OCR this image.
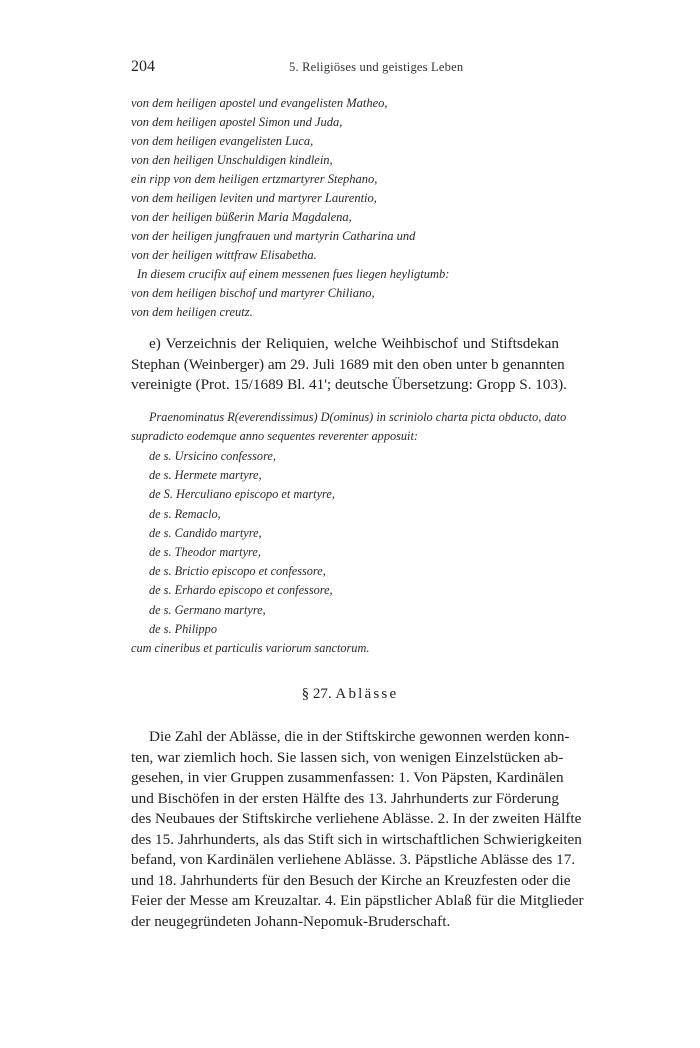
204	5. Religiöses und geistiges Leben
von dem heiligen apostel und evangelisten Matheo,
von dem heiligen apostel Simon und Juda,
von dem heiligen evangelisten Luca,
von den heiligen Unschuldigen kindlein,
ein ripp von dem heiligen ertzmartyrer Stephano,
von dem heiligen leviten und martyrer Laurentio,
von der heiligen büßerin Maria Magdalena,
von der heiligen jungfrauen und martyrin Catharina und
von der heiligen wittfraw Elisabetha.
In diesem crucifix auf einem messenen fues liegen heyligtumb:
von dem heiligen bischof und martyrer Chiliano,
von dem heiligen creutz.
e) Verzeichnis der Reliquien, welche Weihbischof und Stiftsdekan
Stephan (Weinberger) am 29. Juli 1689 mit den oben unter b genannten
vereinigte (Prot. 15/1689 Bl. 41'; deutsche Übersetzung: Gropp S. 103).
Praenominatus R(everendissimus) D(ominus) in scriniolo charta picta obducto, dato
supradicto eodemque anno sequentes reverenter apposuit:
de s. Ursicino confessore,
de s. Hermete martyre,
de S. Herculiano episcopo et martyre,
de s. Remaclo,
de s. Candido martyre,
de s. Theodor martyre,
de s. Brictio episcopo et confessore,
de s. Erhardo episcopo et confessore,
de s. Germano martyre,
de s. Philippo
cum cineribus et particulis variorum sanctorum.
§ 27. Ablässe
Die Zahl der Ablässe, die in der Stiftskirche gewonnen werden konn-
ten, war ziemlich hoch. Sie lassen sich, von wenigen Einzelstücken ab-
gesehen, in vier Gruppen zusammenfassen: 1. Von Päpsten, Kardinälen
und Bischöfen in der ersten Hälfte des 13. Jahrhunderts zur Förderung
des Neubaues der Stiftskirche verliehene Ablässe. 2. In der zweiten Hälfte
des 15. Jahrhunderts, als das Stift sich in wirtschaftlichen Schwierigkeiten
befand, von Kardinälen verliehene Ablässe. 3. Päpstliche Ablässe des 17.
und 18. Jahrhunderts für den Besuch der Kirche an Kreuzfesten oder die
Feier der Messe am Kreuzaltar. 4. Ein päpstlicher Ablaß für die Mitglieder
der neugegründeten Johann-Nepomuk-Bruderschaft.
